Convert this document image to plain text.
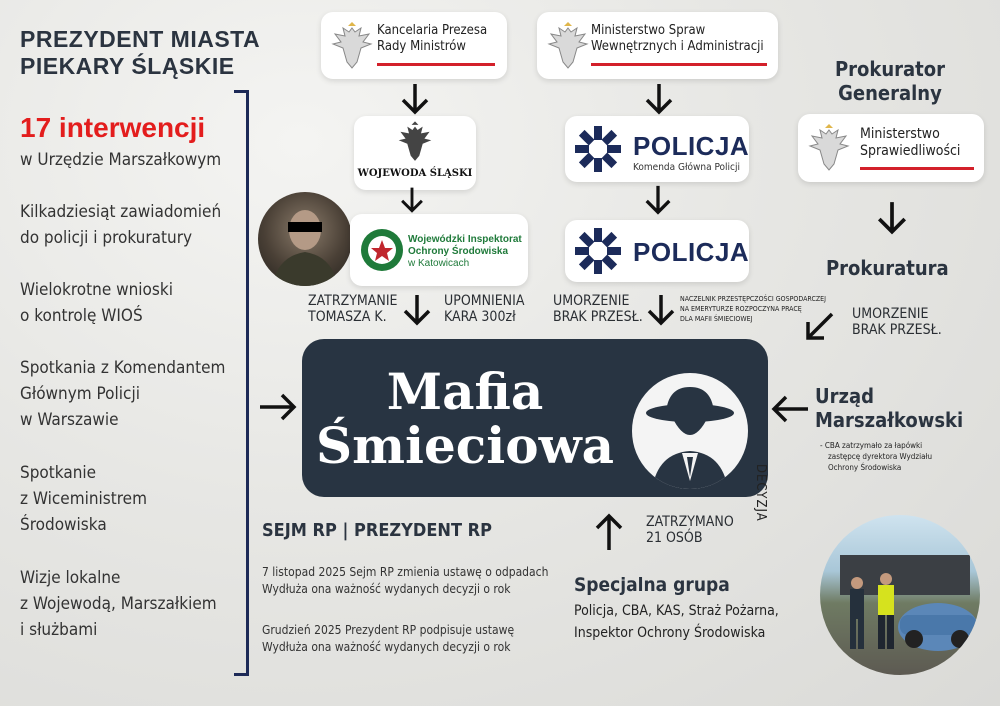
PREZYDENT MIASTA
PIEKARY ŚLĄSKIE
17 interwencji
w Urzędzie Marszałkowym
Kilkadziesiąt zawiadomień
do policji i prokuratury
Wielokrotne wnioski
o kontrolę WIOŚ
Spotkania z Komendantem
Głównym Policji
w Warszawie
Spotkanie
z Wiceministrem
Środowiska
Wizje lokalne
z Wojewodą, Marszałkiem
i służbami
Kancelaria Prezesa
Rady Ministrów
Ministerstwo Spraw
Wewnętrznych i Administracji
WOJEWODA ŚLĄSKI
POLICJA
Komenda Główna Policji
Prokurator
Generalny
Ministerstwo
Sprawiedliwości
Wojewódzki Inspektorat
Ochrony Środowiska
w Katowicach	POLICJA
Prokuratura
ZATRZYMANIE
TOMASZA K.
UPOMNIENIA
KARA 300zł
UMORZENIE
BRAK PRZESŁ.
NACZELNIK PRZESTĘPCZOŚCI GOSPODARCZEJ
NA EMERYTURZE ROZPOCZYNA PRACĘ
DLA MAFII ŚMIECIOWEJ	UMORZENIE
BRAK PRZESŁ.
Mafia
Śmieciowa
Urząd
Marszałkowski
- CBA zatrzymało za łapówki
zastępcę dyrektora Wydziału
Ochrony Środowiska
DECYZJA
SEJM RP | PREZYDENT RP
7 listopad 2025 Sejm RP zmienia ustawę o odpadach
Wydłuża ona ważność wydanych decyzji o rok
Grudzień 2025 Prezydent RP podpisuje ustawę
Wydłuża ona ważność wydanych decyzji o rok
ZATRZYMANO
21 OSÓB
Specjalna grupa
Policja, CBA, KAS, Straż Pożarna,
Inspektor Ochrony Środowiska
